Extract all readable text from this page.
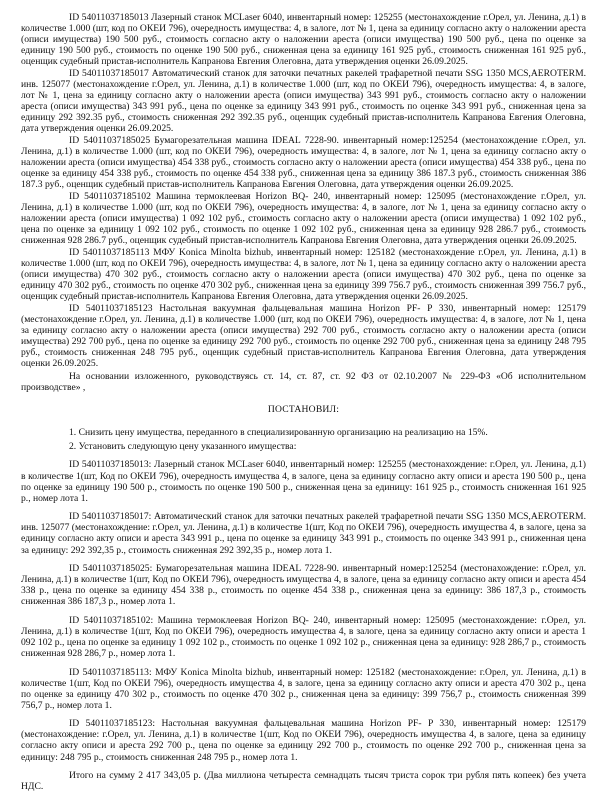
ID 54011037185013 Лазерный станок MCLaser 6040, инвентарный номер: 125255 (местонахождение г.Орел, ул. Ленина, д.1) в количестве 1.000 (шт, код по ОКЕИ 796), очередность имущества: 4, в залоге, лот № 1, цена за единицу согласно акту о наложении ареста (описи имущества) 190 500 руб., стоимость согласно акту о наложении ареста (описи имущества) 190 500 руб., цена по оценке за единицу 190 500 руб., стоимость по оценке 190 500 руб., сниженная цена за единицу 161 925 руб., стоимость сниженная 161 925 руб., оценщик судебный пристав-исполнитель Капранова Евгения Олеговна, дата утверждения оценки 26.09.2025.

ID 54011037185017 Автоматический станок для заточки печатных ракелей трафаретной печати SSG 1350 MCS,AEROTERM. инв. 125077 (местонахождение г.Орел, ул. Ленина, д.1) в количестве 1.000 (шт, код по ОКЕИ 796), очередность имущества: 4, в залоге, лот № 1, цена за единицу согласно акту о наложении ареста (описи имущества) 343 991 руб., стоимость согласно акту о наложении ареста (описи имущества) 343 991 руб., цена по оценке за единицу 343 991 руб., стоимость по оценке 343 991 руб., сниженная цена за единицу 292 392.35 руб., стоимость сниженная 292 392.35 руб., оценщик судебный пристав-исполнитель Капранова Евгения Олеговна, дата утверждения оценки 26.09.2025.

ID 54011037185025 Бумагорезательная машина IDEAL 7228-90. инвентарный номер:125254 (местонахождение г.Орел, ул. Ленина, д.1) в количестве 1.000 (шт, код по ОКЕИ 796), очередность имущества: 4, в залоге, лот № 1, цена за единицу согласно акту о наложении ареста (описи имущества) 454 338 руб., стоимость согласно акту о наложении ареста (описи имущества) 454 338 руб., цена по оценке за единицу 454 338 руб., стоимость по оценке 454 338 руб., сниженная цена за единицу 386 187.3 руб., стоимость сниженная 386 187.3 руб., оценщик судебный пристав-исполнитель Капранова Евгения Олеговна, дата утверждения оценки 26.09.2025.

ID 54011037185102 Машина термоклеевая Horizon BQ- 240, инвентарный номер: 125095 (местонахождение г.Орел, ул. Ленина, д.1) в количестве 1.000 (шт, код по ОКЕИ 796), очередность имущества: 4, в залоге, лот № 1, цена за единицу согласно акту о наложении ареста (описи имущества) 1 092 102 руб., стоимость согласно акту о наложении ареста (описи имущества) 1 092 102 руб., цена по оценке за единицу 1 092 102 руб., стоимость по оценке 1 092 102 руб., сниженная цена за единицу 928 286.7 руб., стоимость сниженная 928 286.7 руб., оценщик судебный пристав-исполнитель Капранова Евгения Олеговна, дата утверждения оценки 26.09.2025.

ID 54011037185113 МФУ Konica Minolta bizhub, инвентарный номер: 125182 (местонахождение г.Орел, ул. Ленина, д.1) в количестве 1.000 (шт, код по ОКЕИ 796), очередность имущества: 4, в залоге, лот № 1, цена за единицу согласно акту о наложении ареста (описи имущества) 470 302 руб., стоимость согласно акту о наложении ареста (описи имущества) 470 302 руб., цена по оценке за единицу 470 302 руб., стоимость по оценке 470 302 руб., сниженная цена за единицу 399 756.7 руб., стоимость сниженная 399 756.7 руб., оценщик судебный пристав-исполнитель Капранова Евгения Олеговна, дата утверждения оценки 26.09.2025.

ID 54011037185123 Настольная вакуумная фальцевальная машина Horizon PF- P 330, инвентарный номер: 125179 (местонахождение г.Орел, ул. Ленина, д.1) в количестве 1.000 (шт, код по ОКЕИ 796), очередность имущества: 4, в залоге, лот № 1, цена за единицу согласно акту о наложении ареста (описи имущества) 292 700 руб., стоимость согласно акту о наложении ареста (описи имущества) 292 700 руб., цена по оценке за единицу 292 700 руб., стоимость по оценке 292 700 руб., сниженная цена за единицу 248 795 руб., стоимость сниженная 248 795 руб., оценщик судебный пристав-исполнитель Капранова Евгения Олеговна, дата утверждения оценки 26.09.2025.

На основании изложенного, руководствуясь ст. 14, ст. 87, ст. 92 ФЗ от 02.10.2007 № 229-ФЗ «Об исполнительном производстве» ,

ПОСТАНОВИЛ:

1. Снизить цену имущества, переданного в специализированную организацию на реализацию на 15%.

2. Установить следующую цену указанного имущества:

ID 54011037185013: Лазерный станок MCLaser 6040, инвентарный номер: 125255 (местонахождение: г.Орел, ул. Ленина, д.1) в количестве 1(шт, Код по ОКЕИ 796), очередность имущества 4, в залоге, цена за единицу согласно акту описи и ареста 190 500 р., цена по оценке за единицу 190 500 р., стоимость по оценке 190 500 р., сниженная цена за единицу: 161 925 р., стоимость сниженная 161 925 р., номер лота 1.

ID 54011037185017: Автоматический станок для заточки печатных ракелей трафаретной печати SSG 1350 MCS,AEROTERM. инв. 125077 (местонахождение: г.Орел, ул. Ленина, д.1) в количестве 1(шт, Код по ОКЕИ 796), очередность имущества 4, в залоге, цена за единицу согласно акту описи и ареста 343 991 р., цена по оценке за единицу 343 991 р., стоимость по оценке 343 991 р., сниженная цена за единицу: 292 392,35 р., стоимость сниженная 292 392,35 р., номер лота 1.

ID 54011037185025: Бумагорезательная машина IDEAL 7228-90. инвентарный номер:125254 (местонахождение: г.Орел, ул. Ленина, д.1) в количестве 1(шт, Код по ОКЕИ 796), очередность имущества 4, в залоге, цена за единицу согласно акту описи и ареста 454 338 р., цена по оценке за единицу 454 338 р., стоимость по оценке 454 338 р., сниженная цена за единицу: 386 187,3 р., стоимость сниженная 386 187,3 р., номер лота 1.

ID 54011037185102: Машина термоклеевая Horizon BQ- 240, инвентарный номер: 125095 (местонахождение: г.Орел, ул. Ленина, д.1) в количестве 1(шт, Код по ОКЕИ 796), очередность имущества 4, в залоге, цена за единицу согласно акту описи и ареста 1 092 102 р., цена по оценке за единицу 1 092 102 р., стоимость по оценке 1 092 102 р., сниженная цена за единицу: 928 286,7 р., стоимость сниженная 928 286,7 р., номер лота 1.

ID 54011037185113: МФУ Konica Minolta bizhub, инвентарный номер: 125182 (местонахождение: г.Орел, ул. Ленина, д.1) в количестве 1(шт, Код по ОКЕИ 796), очередность имущества 4, в залоге, цена за единицу согласно акту описи и ареста 470 302 р., цена по оценке за единицу 470 302 р., стоимость по оценке 470 302 р., сниженная цена за единицу: 399 756,7 р., стоимость сниженная 399 756,7 р., номер лота 1.

ID 54011037185123: Настольная вакуумная фальцевальная машина Horizon PF- P 330, инвентарный номер: 125179 (местонахождение: г.Орел, ул. Ленина, д.1) в количестве 1(шт, Код по ОКЕИ 796), очередность имущества 4, в залоге, цена за единицу согласно акту описи и ареста 292 700 р., цена по оценке за единицу 292 700 р., стоимость по оценке 292 700 р., сниженная цена за единицу: 248 795 р., стоимость сниженная 248 795 р., номер лота 1.

Итого на сумму 2 417 343,05 р. (Два миллиона четыреста семнадцать тысяч триста сорок три рубля пять копеек) без учета НДС.
